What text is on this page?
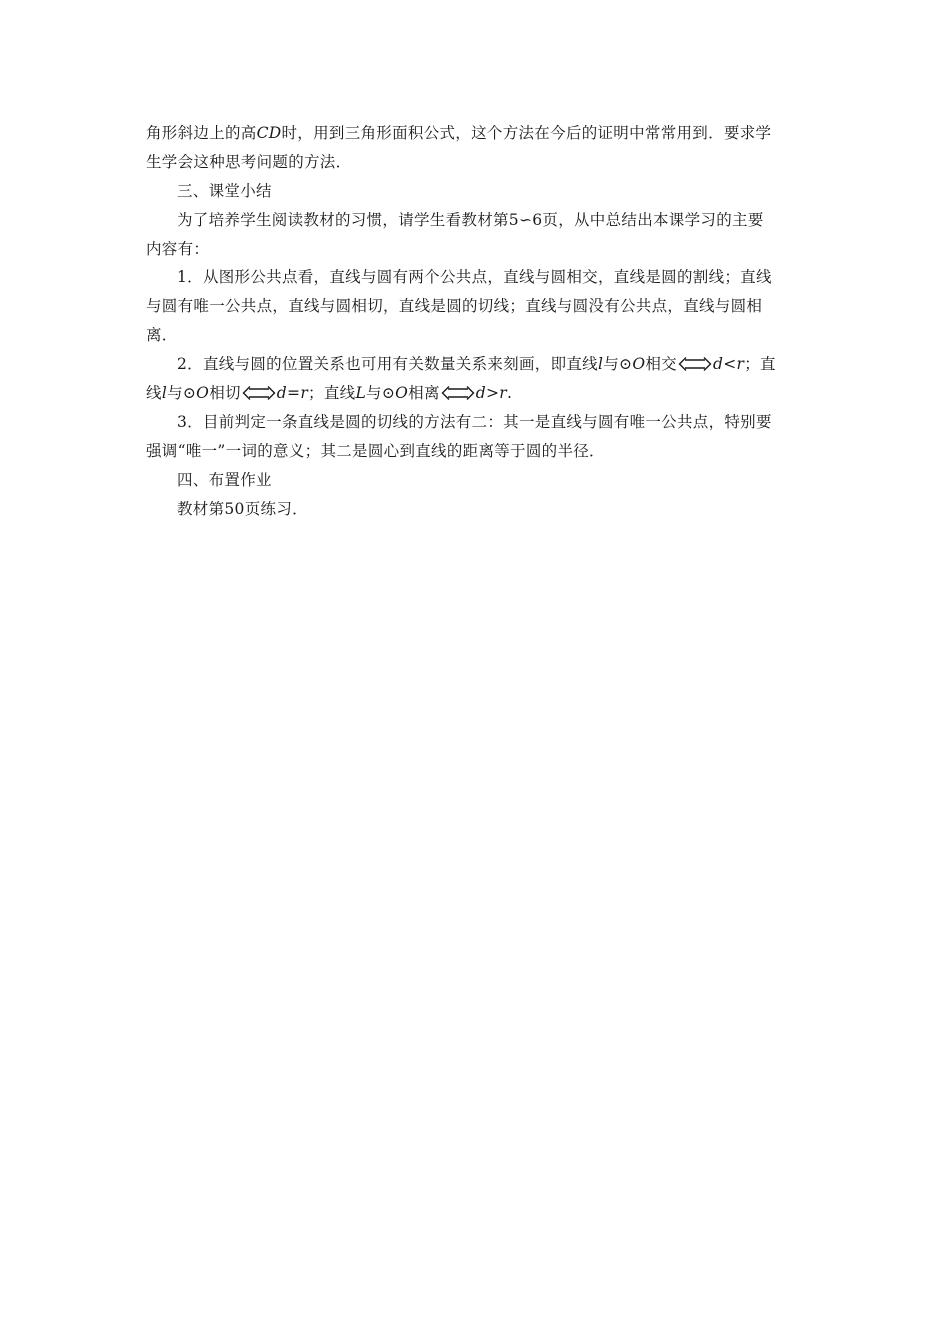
角形斜边上的高CD时，用到三角形面积公式，这个方法在今后的证明中常常用到．要求学
生学会这种思考问题的方法．
三、课堂小结
为了培养学生阅读教材的习惯，请学生看教材第5∽6页，从中总结出本课学习的主要
内容有：
1．从图形公共点看，直线与圆有两个公共点，直线与圆相交，直线是圆的割线；直线
与圆有唯一公共点，直线与圆相切，直线是圆的切线；直线与圆没有公共点，直线与圆相
离．
2．直线与圆的位置关系也可用有关数量关系来刻画，即直线l与⊙O相交 d<r；直
线l与⊙O相切 d=r；直线L与⊙O相离 d>r.
3．目前判定一条直线是圆的切线的方法有二：其一是直线与圆有唯一公共点，特别要
强调“唯一”一词的意义；其二是圆心到直线的距离等于圆的半径．
四、布置作业
教材第50页练习．
